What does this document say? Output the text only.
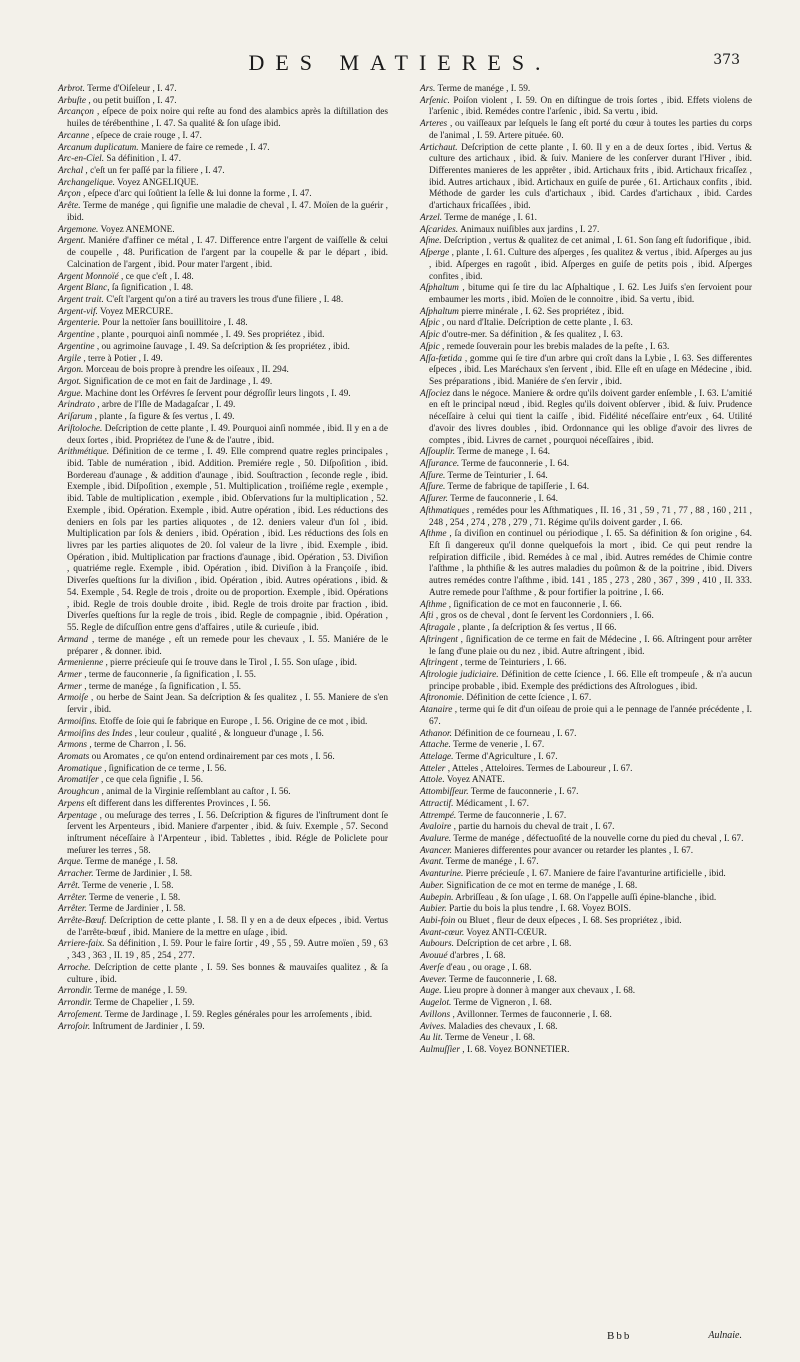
DES MATIERES.	373

Arbrot. Terme d'Oiſeleur , I. 47.

Arbuſte , ou petit buiſſon , I. 47.

Arcançon , eſpece de poix noire qui reſte au fond des alambics après la diſtillation des huiles de térébenthine , I. 47. Sa qualité & ſon uſage ibid.

Arcanne , eſpece de craie rouge , I. 47.

Arcanum duplicatum. Maniere de faire ce remede , I. 47.

Arc-en-Ciel. Sa définition , I. 47.

Archal , c'eſt un fer paſſé par la filiere , I. 47.

Archangelique. Voyez ANGELIQUE.

Arçon , eſpece d'arc qui ſoûtient la ſelle & lui donne la forme , I. 47.

Arête. Terme de manége , qui ſignifie une maladie de cheval , I. 47. Moïen de la guérir , ibid.

Argemone. Voyez ANEMONE.

Argent. Maniére d'affiner ce métal , I. 47. Difference entre l'argent de vaiſſelle & celui de coupelle , 48. Purification de l'argent par la coupelle & par le départ , ibid. Calcination de l'argent , ibid. Pour mater l'argent , ibid.

Argent Monnoïé , ce que c'eſt , I. 48.

Argent Blanc, ſa ſignification , I. 48.

Argent trait. C'eſt l'argent qu'on a tiré au travers les trous d'une filiere , I. 48.

Argent-vif. Voyez MERCURE.

Argenterie. Pour la nettoïer ſans bouillitoire , I. 48.

Argentine , plante , pourquoi ainſi nommée , I. 49. Ses propriétez , ibid.

Argentine , ou agrimoine ſauvage , I. 49. Sa deſcription & ſes propriétez , ibid.

Argile , terre à Potier , I. 49.

Argon. Morceau de bois propre à prendre les oiſeaux , II. 294.

Argot. Signification de ce mot en fait de Jardinage , I. 49.

Argue. Machine dont les Orfévres ſe ſervent pour dégroſſir leurs lingots , I. 49.

Arindrato , arbre de l'Iſle de Madagaſcar , I. 49.

Ariſarum , plante , ſa figure & ſes vertus , I. 49.

Ariſtoloche. Deſcription de cette plante , I. 49. Pourquoi ainſi nommée , ibid. Il y en a de deux ſortes , ibid. Propriétez de l'une & de l'autre , ibid.

Arithmétique. Définition de ce terme , I. 49. Elle comprend quatre regles principales , ibid. Table de numération , ibid. Addition. Premiére regle , 50. Diſpoſition , ibid. Bordereau d'aunage , & addition d'aunage , ibid. Souſtraction , ſeconde regle , ibid. Exemple , ibid. Diſpoſition , exemple , 51. Multiplication , troiſiéme regle , exemple , ibid. Table de multiplication , exemple , ibid. Obſervations ſur la multiplication , 52. Exemple , ibid. Opération. Exemple , ibid. Autre opération , ibid. Les réductions des deniers en ſols par les parties aliquotes , de 12. deniers valeur d'un ſol , ibid. Multiplication par ſols & deniers , ibid. Opération , ibid. Les réductions des ſols en livres par les parties aliquotes de 20. ſol valeur de la livre , ibid. Exemple , ibid. Opération , ibid. Multiplication par fractions d'aunage , ibid. Opération , 53. Diviſion , quatriéme regle. Exemple , ibid. Opération , ibid. Diviſion à la Françoiſe , ibid. Diverſes queſtions ſur la diviſion , ibid. Opération , ibid. Autres opérations , ibid. & 54. Exemple , 54. Regle de trois , droite ou de proportion. Exemple , ibid. Opérations , ibid. Regle de trois double droite , ibid. Regle de trois droite par fraction , ibid. Diverſes queſtions ſur la regle de trois , ibid. Regle de compagnie , ibid. Opération , 55. Regle de diſcuſſion entre gens d'affaires , utile & curieuſe , ibid.

Armand , terme de manége , eſt un remede pour les chevaux , I. 55. Maniére de le préparer , & donner. ibid.

Armenienne , pierre précieuſe qui ſe trouve dans le Tirol , I. 55. Son uſage , ibid.

Armer , terme de fauconnerie , ſa ſignification , I. 55.

Armer , terme de manége , ſa ſignification , I. 55.

Armoiſe , ou herbe de Saint Jean. Sa deſcription & ſes qualitez , I. 55. Maniere de s'en ſervir , ibid.

Armoiſins. Etoffe de ſoie qui ſe fabrique en Europe , I. 56. Origine de ce mot , ibid.

Armoiſins des Indes , leur couleur , qualité , & longueur d'unage , I. 56.

Armons , terme de Charron , I. 56.

Aromats ou Aromates , ce qu'on entend ordinairement par ces mots , I. 56.

Aromatique , ſignification de ce terme , I. 56.

Aromatiſer , ce que cela ſignifie , I. 56.

Aroughcun , animal de la Virginie reſſemblant au caſtor , I. 56.

Arpens eſt different dans les differentes Provinces , I. 56.

Arpentage , ou meſurage des terres , I. 56. Deſcription & figures de l'inſtrument dont ſe ſervent les Arpenteurs , ibid. Maniere d'arpenter , ibid. & ſuiv. Exemple , 57. Second inſtrument néceſſaire à l'Arpenteur , ibid. Tablettes , ibid. Régle de Policlete pour meſurer les terres , 58.

Arque. Terme de manége , I. 58.

Arracher. Terme de Jardinier , I. 58.

Arrêt. Terme de venerie , I. 58.

Arrêter. Terme de venerie , I. 58.

Arrêter. Terme de Jardinier , I. 58.

Arrête-Bœuf. Deſcription de cette plante , I. 58. Il y en a de deux eſpeces , ibid. Vertus de l'arrête-bœuf , ibid. Maniere de la mettre en uſage , ibid.

Arriere-faix. Sa définition , I. 59. Pour le faire ſortir , 49 , 55 , 59. Autre moïen , 59 , 63 , 343 , 363 , II. 19 , 85 , 254 , 277.

Arroche. Deſcription de cette plante , I. 59. Ses bonnes & mauvaiſes qualitez , & ſa culture , ibid.

Arrondir. Terme de manége , I. 59.

Arrondir. Terme de Chapelier , I. 59.

Arroſement. Terme de Jardinage , I. 59. Regles générales pour les arroſements , ibid.

Arroſoir. Inſtrument de Jardinier , I. 59.

Ars. Terme de manége , I. 59.

Arſenic. Poiſon violent , I. 59. On en diſtingue de trois ſortes , ibid. Effets violens de l'arſenic , ibid. Remédes contre l'arſenic , ibid. Sa vertu , ibid.

Arteres , ou vaiſſeaux par leſquels le ſang eſt porté du cœur à toutes les parties du corps de l'animal , I. 59. Artere pituée. 60.

Artichaut. Deſcription de cette plante , I. 60. Il y en a de deux ſortes , ibid. Vertus & culture des artichaux , ibid. & ſuiv. Maniere de les conſerver durant l'Hiver , ibid. Differentes manieres de les apprêter , ibid. Artichaux frits , ibid. Artichaux fricaſſez , ibid. Autres artichaux , ibid. Artichaux en guiſe de purée , 61. Artichaux confits , ibid. Méthode de garder les culs d'artichaux , ibid. Cardes d'artichaux , ibid. Cardes d'artichaux fricaſſées , ibid.

Arzel. Terme de manége , I. 61.

Aſcarides. Animaux nuiſibles aux jardins , I. 27.

Aſme. Deſcription , vertus & qualitez de cet animal , I. 61. Son ſang eſt ſudorifique , ibid.

Aſperge , plante , I. 61. Culture des aſperges , ſes qualitez & vertus , ibid. Aſperges au jus , ibid. Aſperges en ragoût , ibid. Aſperges en guiſe de petits pois , ibid. Aſperges confites , ibid.

Aſphaltum , bitume qui ſe tire du lac Aſphaltique , I. 62. Les Juifs s'en ſervoient pour embaumer les morts , ibid. Moïen de le connoitre , ibid. Sa vertu , ibid.

Aſphaltum pierre minérale , I. 62. Ses propriétez , ibid.

Aſpic , ou nard d'Italie. Deſcription de cette plante , I. 63.

Aſpic d'outre-mer. Sa définition , & ſes qualitez , I. 63.

Aſpic , remede ſouverain pour les brebis malades de la peſte , I. 63.

Aſſa-fœtida , gomme qui ſe tire d'un arbre qui croît dans la Lybie , I. 63. Ses differentes eſpeces , ibid. Les Maréchaux s'en ſervent , ibid. Elle eſt en uſage en Médecine , ibid. Ses préparations , ibid. Maniére de s'en ſervir , ibid.

Aſſociez dans le négoce. Maniere & ordre qu'ils doivent garder enſemble , I. 63. L'amitié en eſt le principal nœud , ibid. Regles qu'ils doivent obſerver , ibid. & ſuiv. Prudence néceſſaire à celui qui tient la caiſſe , ibid. Fidélité néceſſaire entr'eux , 64. Utilité d'avoir des livres doubles , ibid. Ordonnance qui les oblige d'avoir des livres de comptes , ibid. Livres de carnet , pourquoi néceſſaires , ibid.

Aſſouplir. Terme de manege , I. 64.

Aſſurance. Terme de fauconnerie , I. 64.

Aſſure. Terme de Teinturier , I. 64.

Aſſure. Terme de fabrique de tapiſſerie , I. 64.

Aſſurer. Terme de fauconnerie , I. 64.

Aſthmatiques , remédes pour les Aſthmatiques , II. 16 , 31 , 59 , 71 , 77 , 88 , 160 , 211 , 248 , 254 , 274 , 278 , 279 , 71. Régime qu'ils doivent garder , I. 66.

Aſthme , ſa diviſion en continuel ou périodique , I. 65. Sa définition & ſon origine , 64. Eſt ſi dangereux qu'il donne quelquefois la mort , ibid. Ce qui peut rendre la reſpiration difficile , ibid. Remédes à ce mal , ibid. Autres remédes de Chimie contre l'aſthme , la phthiſie & les autres maladies du poûmon & de la poitrine , ibid. Divers autres remédes contre l'aſthme , ibid. 141 , 185 , 273 , 280 , 367 , 399 , 410 , II. 333. Autre remede pour l'aſthme , & pour fortifier la poitrine , I. 66.

Aſthme , ſignification de ce mot en fauconnerie , I. 66.

Aſti , gros os de cheval , dont ſe ſervent les Cordonniers , I. 66.

Aſtragale , plante , ſa deſcription & ſes vertus , II 66.

Aſtringent , ſignification de ce terme en fait de Médecine , I. 66. Aſtringent pour arrêter le ſang d'une plaie ou du nez , ibid. Autre aſtringent , ibid.

Aſtringent , terme de Teinturiers , I. 66.

Aſtrologie judiciaire. Définition de cette ſcience , I. 66. Elle eſt trompeuſe , & n'a aucun principe probable , ibid. Exemple des prédictions des Aſtrologues , ibid.

Aſtronomie. Définition de cette ſcience , I. 67.

Atanaire , terme qui ſe dit d'un oiſeau de proie qui a le pennage de l'année précédente , I. 67.

Athanor. Définition de ce fourneau , I. 67.

Attache. Terme de venerie , I. 67.

Attelage. Terme d'Agriculture , I. 67.

Atteler , Atteles , Atteloires. Termes de Laboureur , I. 67.

Attole. Voyez ANATE.

Attombiſſeur. Terme de fauconnerie , I. 67.

Attractif. Médicament , I. 67.

Attrempé. Terme de fauconnerie , I. 67.

Avaloire , partie du harnois du cheval de trait , I. 67.

Avalure. Terme de manége , défectuoſité de la nouvelle corne du pied du cheval , I. 67.

Avancer. Manieres differentes pour avancer ou retarder les plantes , I. 67.

Avant. Terme de manége , I. 67.

Avanturine. Pierre précieuſe , I. 67. Maniere de faire l'avanturine artificielle , ibid.

Auber. Signification de ce mot en terme de manége , I. 68.

Aubepin. Arbriſſeau , & ſon uſage , I. 68. On l'appelle auſſi épine-blanche , ibid.

Aubier. Partie du bois la plus tendre , I. 68. Voyez BOIS.

Aubi-foin ou Bluet , fleur de deux eſpeces , I. 68. Ses propriétez , ibid.

Avant-cœur. Voyez ANTI-CŒUR.

Aubours. Deſcription de cet arbre , I. 68.

Avouué d'arbres , I. 68.

Averſe d'eau , ou orage , I. 68.

Avever. Terme de fauconnerie , I. 68.

Auge. Lieu propre à donner à manger aux chevaux , I. 68.

Augelot. Terme de Vigneron , I. 68.

Avillons , Avillonner. Termes de fauconnerie , I. 68.

Avives. Maladies des chevaux , I. 68.

Au lit. Terme de Veneur , I. 68.

Aulmuſſier , I. 68. Voyez BONNETIER.

Bbb	Aulnaie.
